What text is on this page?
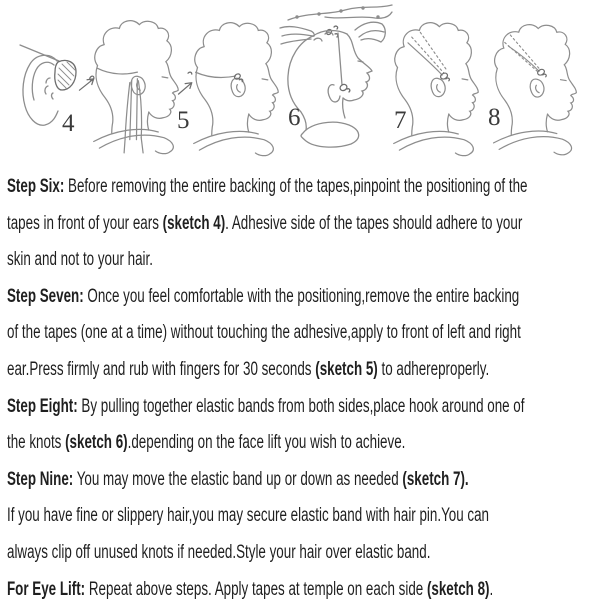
4	5	6	7	8
Step Six: Before removing the entire backing of the tapes,pinpoint the positioning of the
tapes in front of your ears (sketch 4). Adhesive side of the tapes should adhere to your
skin and not to your hair.
Step Seven: Once you feel comfortable with the positioning,remove the entire backing
of the tapes (one at a time) without touching the adhesive,apply to front of left and right
ear.Press firmly and rub with fingers for 30 seconds (sketch 5) to adhereproperly.
Step Eight: By pulling together elastic bands from both sides,place hook around one of
the knots (sketch 6).depending on the face lift you wish to achieve.
Step Nine: You may move the elastic band up or down as needed (sketch 7).
If you have fine or slippery hair,you may secure elastic band with hair pin.You can
always clip off unused knots if needed.Style your hair over elastic band.
For Eye Lift: Repeat above steps. Apply tapes at temple on each side (sketch 8).
